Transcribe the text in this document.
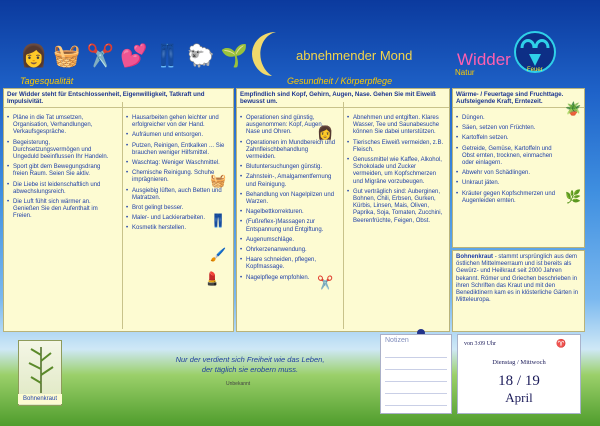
👩 🧺 ✂️ 💕 👖 🐑 🌱
Tagesqualität
abnehmender Mond
Gesundheit / Körperpflege
Widder
Natur	Feuer
Der Widder steht für Entschlossenheit, Eigenwilligkeit, Tatkraft und Impulsivität.
• Pläne in die Tat umsetzen, Organisation, Verhandlungen, Verkaufsgespräche.
• Begeisterung, Durchsetzungsvermögen und Ungeduld beeinflussen Ihr Handeln.
• Sport gibt dem Bewegungsdrang freien Raum. Seien Sie aktiv.
• Die Liebe ist leidenschaftlich und abwechslungsreich.
• Die Luft fühlt sich wärmer an. Genießen Sie den Aufenthalt im Freien.
• Hausarbeiten gehen leichter und erfolgreicher von der Hand.
• Aufräumen und entsorgen.
• Putzen, Reinigen, Entkalken ... Sie brauchen weniger Hilfsmittel.
• Waschtag: Weniger Waschmittel.
• Chemische Reinigung. Schuhe imprägnieren.
• Ausgiebig lüften, auch Betten und Matratzen.
• Brot gelingt besser.
• Maler- und Lackierarbeiten.
• Kosmetik herstellen.
🧺
👖
🖌️
💄
Empfindlich sind Kopf, Gehirn, Augen, Nase. Gehen Sie mit Eiweiß bewusst um.
• Operationen sind günstig, ausgenommen: Kopf, Augen, Nase und Ohren.
• Operationen im Mundbereich und Zahnfleischbehandlung vermeiden.
• Blutuntersuchungen günstig.
• Zahnstein-, Amalgamentfernung und Reinigung.
• Behandlung von Nagelpilzen und Warzen.
• Nagelbettkorrekturen.
• (Fußreflex-)Massagen zur Entspannung und Entgiftung.
• Augenumschläge.
• Ohrkerzenanwendung.
• Haare schneiden, pflegen, Kopfmassage.
• Nagelpflege empfohlen.
• Abnehmen und entgiften. Klares Wasser, Tee und Saunabesuche können Sie dabei unterstützen.
• Tierisches Eiweiß vermeiden, z.B. Fleisch.
• Genussmittel wie Kaffee, Alkohol, Schokolade und Zucker vermeiden, um Kopfschmerzen und Migräne vorzubeugen.
• Gut verträglich sind: Auberginen, Bohnen, Chili, Erbsen, Gurken, Kürbis, Linsen, Mais, Oliven, Paprika, Soja, Tomaten, Zucchini, Beerenfrüchte, Feigen, Obst.
👩
✂️
Wärme- / Feuertage sind Fruchttage. Aufsteigende Kraft, Erntezeit.
• Düngen.
• Säen, setzen von Früchten.
• Kartoffeln setzen.
• Getreide, Gemüse, Kartoffeln und Obst ernten, trocknen, einmachen oder einlagern.
• Abwehr von Schädlingen.
• Unkraut jäten.
• Kräuter gegen Kopfschmerzen und Augenleiden ernten.
🪴
🌿
Bohnenkraut - stammt ursprünglich aus dem östlichen Mittelmeerraum und ist bereits als Gewürz- und Heilkraut seit 2000 Jahren bekannt. Römer und Griechen beschrieben in ihren Schriften das Kraut und mit den Benediktinern kam es in klösterliche Gärten in Mitteleuropa.
Bohnenkraut
Nur der verdient sich Freiheit wie das Leben,
der täglich sie erobern muss.
Unbekannt
Notizen	von 3:09 Uhr	♈
Dienstag / Mittwoch
18 / 19
April
